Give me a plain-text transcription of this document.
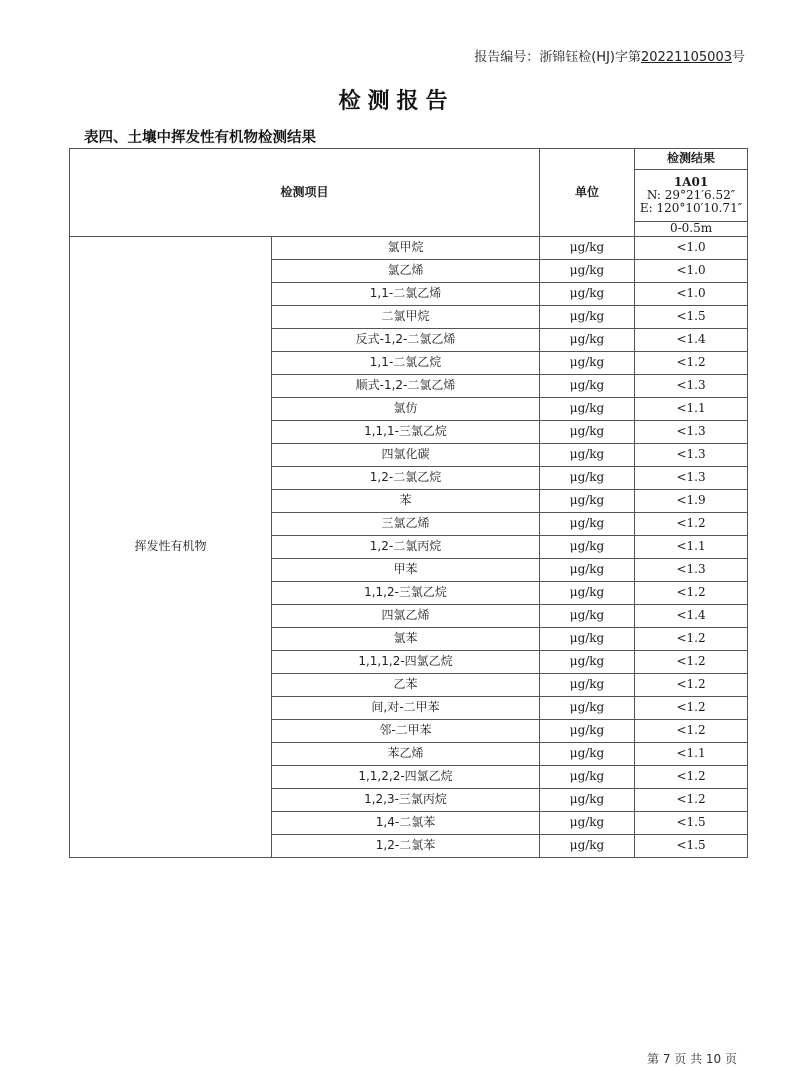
报告编号：浙锦钰检(HJ)字第20221105003号
检测报告
表四、土壤中挥发性有机物检测结果
检测项目		单位	检测结果

			1A01
N: 29°21′6.52″
E: 120°10′10.71″

			0-0.5m

挥发性有机物	氯甲烷	μg/kg	<1.0
	氯乙烯	μg/kg	<1.0
	1,1-二氯乙烯	μg/kg	<1.0
	二氯甲烷	μg/kg	<1.5
	反式-1,2-二氯乙烯	μg/kg	<1.4
	1,1-二氯乙烷	μg/kg	<1.2
	顺式-1,2-二氯乙烯	μg/kg	<1.3
	氯仿	μg/kg	<1.1
	1,1,1-三氯乙烷	μg/kg	<1.3
	四氯化碳	μg/kg	<1.3
	1,2-二氯乙烷	μg/kg	<1.3
	苯	μg/kg	<1.9
	三氯乙烯	μg/kg	<1.2
	1,2-二氯丙烷	μg/kg	<1.1
	甲苯	μg/kg	<1.3
	1,1,2-三氯乙烷	μg/kg	<1.2
	四氯乙烯	μg/kg	<1.4
	氯苯	μg/kg	<1.2
	1,1,1,2-四氯乙烷	μg/kg	<1.2
	乙苯	μg/kg	<1.2
	间,对-二甲苯	μg/kg	<1.2
	邻-二甲苯	μg/kg	<1.2
	苯乙烯	μg/kg	<1.1
	1,1,2,2-四氯乙烷	μg/kg	<1.2
	1,2,3-三氯丙烷	μg/kg	<1.2
	1,4-二氯苯	μg/kg	<1.5
	1,2-二氯苯	μg/kg	<1.5
第 7 页 共 10 页
